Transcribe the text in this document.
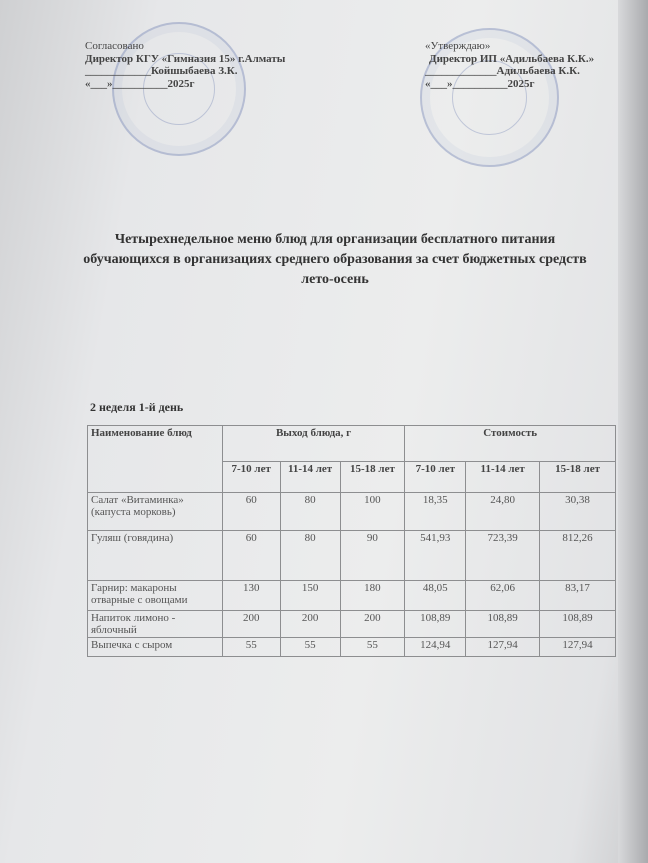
Согласовано
Директор КГУ «Гимназия 15» г.Алматы
____________Койшыбаева З.К.
«___»__________2025г
«Утверждаю»
Директор ИП «Адильбаева К.К.»
_____________Адильбаева К.К.
«___»__________2025г
Четырехнедельное меню блюд для организации бесплатного питания обучающихся в организациях среднего образования за счет бюджетных средств лето-осень
2 неделя 1-й день
Наименование блюд	Выход блюда, г			Стоимость		
	7-10 лет	11-14 лет	15-18 лет	7-10 лет	11-14 лет	15-18 лет
Салат «Витаминка» (капуста морковь)	60	80	100	18,35	24,80	30,38
Гуляш (говядина)	60	80	90	541,93	723,39	812,26
Гарнир: макароны отварные с овощами	130	150	180	48,05	62,06	83,17
Напиток лимоно - яблочный	200	200	200	108,89	108,89	108,89
Выпечка с сыром	55	55	55	124,94	127,94	127,94
